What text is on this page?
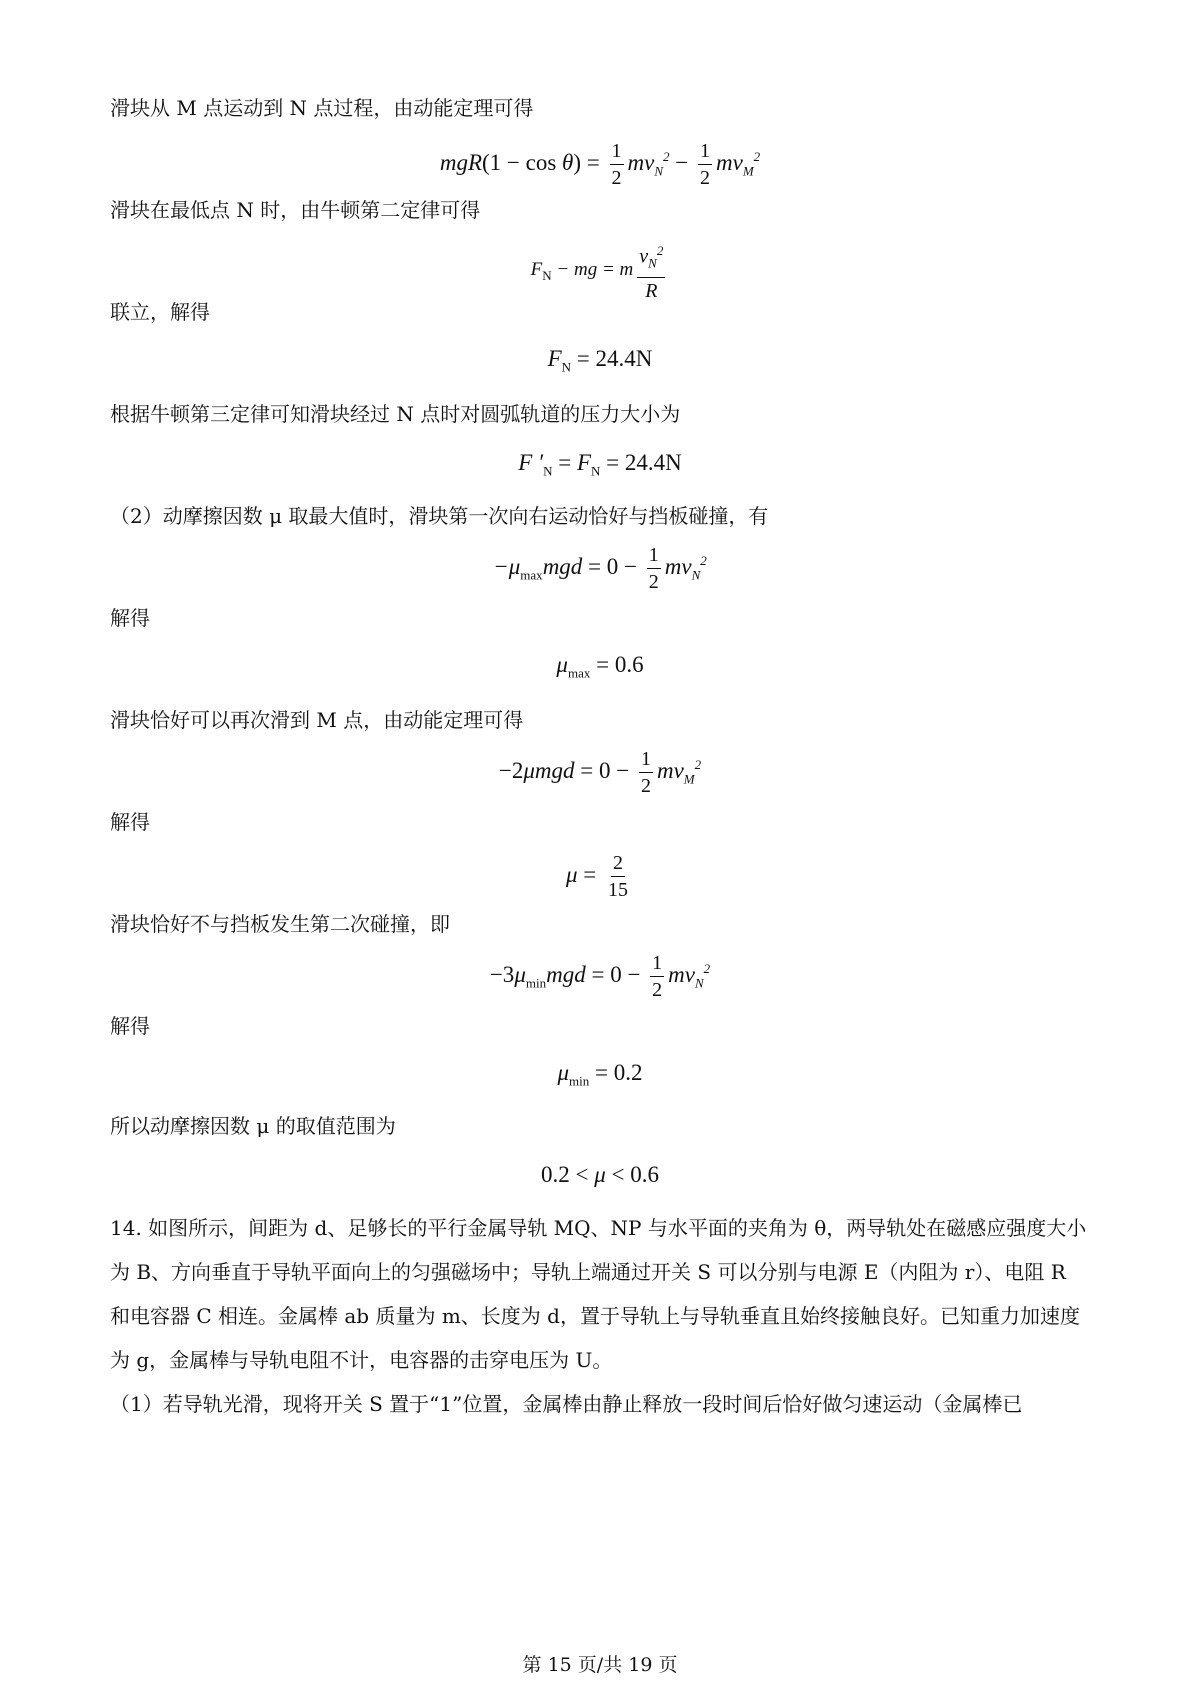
滑块从 M 点运动到 N 点过程，由动能定理可得
$mgR(1 - \cos \theta) = \frac{1}{2} mv_N^2 - \frac{1}{2} mv_M^2$
滑块在最低点 N 时，由牛顿第二定律可得
$F_N$ − mg = m $\frac{v_N^2}{R}$
联立，解得
$F_N = 24.4N$
根据牛顿第三定律可知滑块经过 N 点时对圆弧轨道的压力大小为
F $'_N = F_N = 24.4N$
（2）动摩擦因数 μ 取最大值时，滑块第一次向右运动恰好与挡板碰撞，有
$-\mu_{max}mgd = 0 - \frac{1}{2} mv_N^2$
解得
$\mu_{max} = 0.6$
滑块恰好可以再次滑到 M 点，由动能定理可得
$-2\mu mgd = 0 - \frac{1}{2} mv_M^2$
解得
$\mu = \frac{2}{15}$
滑块恰好不与挡板发生第二次碰撞，即
$-3\mu_{min}mgd = 0 - \frac{1}{2} mv_N^2$
解得
$\mu_{min} = 0.2$
所以动摩擦因数 μ 的取值范围为
0.2 < μ < 0.6
14. 如图所示，间距为 d、足够长的平行金属导轨 MQ、NP 与水平面的夹角为 θ，两导轨处在磁感应强度大小为 B、方向垂直于导轨平面向上的匀强磁场中；导轨上端通过开关 S 可以分别与电源 E（内阻为 r）、电阻 R 和电容器 C 相连。金属棒 ab 质量为 m、长度为 d，置于导轨上与导轨垂直且始终接触良好。已知重力加速度为 g，金属棒与导轨电阻不计，电容器的击穿电压为 U。
（1）若导轨光滑，现将开关 S 置于“1”位置，金属棒由静止释放一段时间后恰好做匀速运动（金属棒已
第 15 页/共 19 页
